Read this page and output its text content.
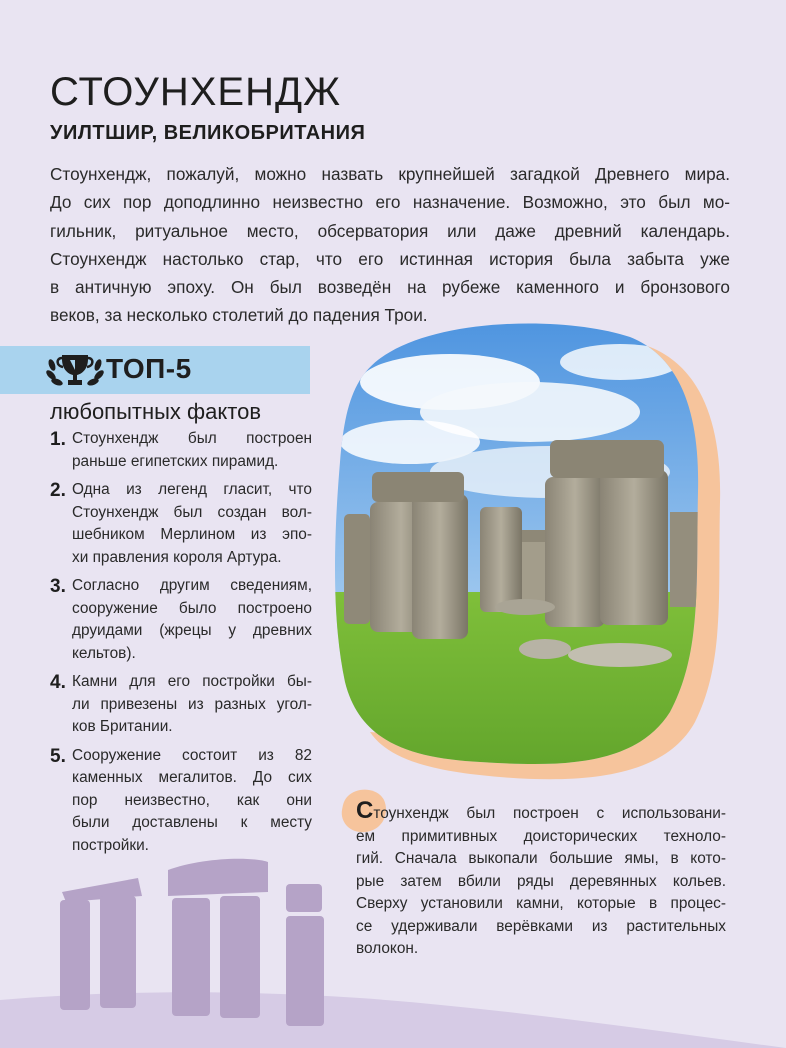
СТОУНХЕНДЖ
УИЛТШИР, ВЕЛИКОБРИТАНИЯ

Стоунхендж, пожалуй, можно назвать крупнейшей загадкой Древнего мира.
До сих пор доподлинно неизвестно его назначение. Возможно, это был мо-
гильник, ритуальное место, обсерватория или даже древний календарь.
Стоунхендж настолько стар, что его истинная история была забыта уже
в античную эпоху. Он был возведён на рубеже каменного и бронзового
веков, за несколько столетий до падения Трои.

ТОП-5
любопытных фактов
1. Стоунхендж был построен
раньше египетских пирамид.
2. Одна из легенд гласит, что
Стоунхендж был создан вол-
шебником Мерлином из эпо-
хи правления короля Артура.
3. Согласно другим сведениям,
сооружение было построено
друидами (жрецы у древних
кельтов).
4. Камни для его постройки бы-
ли привезены из разных угол-
ков Британии.
5. Сооружение состоит из 82
каменных мегалитов. До сих
пор неизвестно, как они
были доставлены к месту
постройки.

Стоунхендж был построен с использовани-
ем примитивных доисторических техноло-
гий. Сначала выкопали большие ямы, в кото-
рые затем вбили ряды деревянных кольев.
Сверху установили камни, которые в процес-
се удерживали верёвками из растительных
волокон.
